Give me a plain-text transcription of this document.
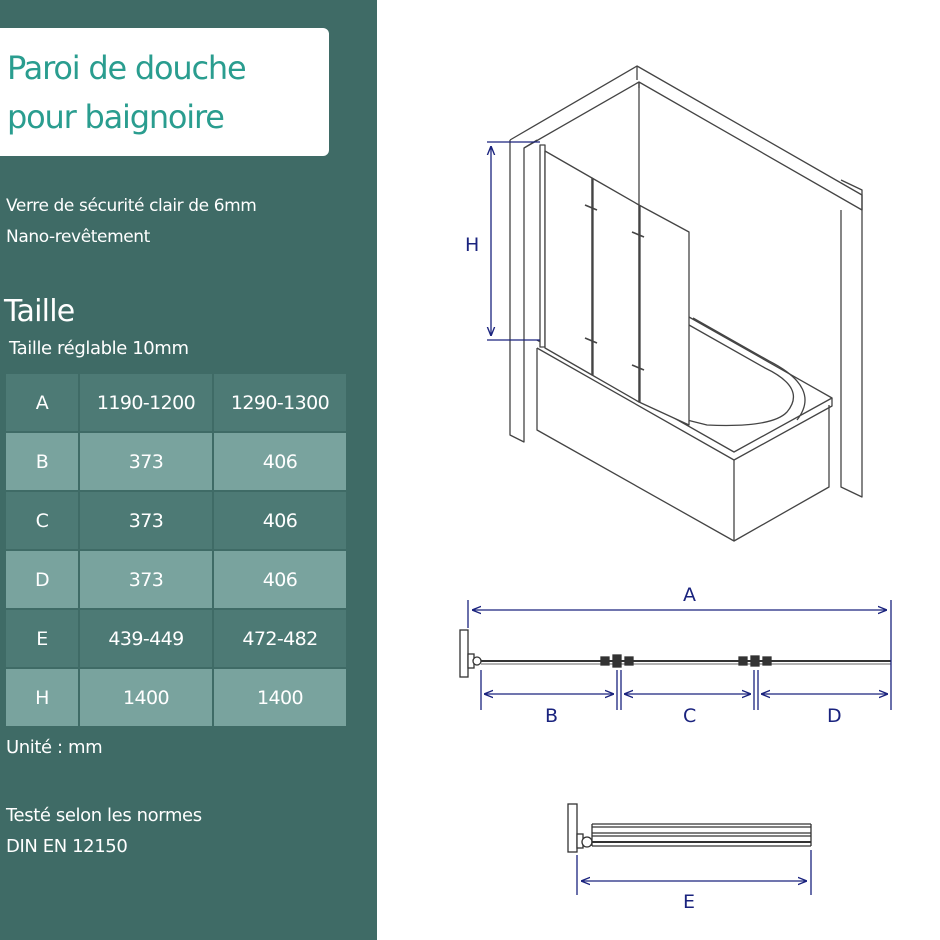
Paroi de douche
pour baignoire
Verre de sécurité clair de 6mm
Nano-revêtement
Taille
Taille réglable 10mm
A	1190-1200	1290-1300
B	373	406
C	373	406
D	373	406
E	439-449	472-482
H	1400	1400
Unité : mm
Testé selon les normes
DIN EN 12150
H
A
B	C	D
E
